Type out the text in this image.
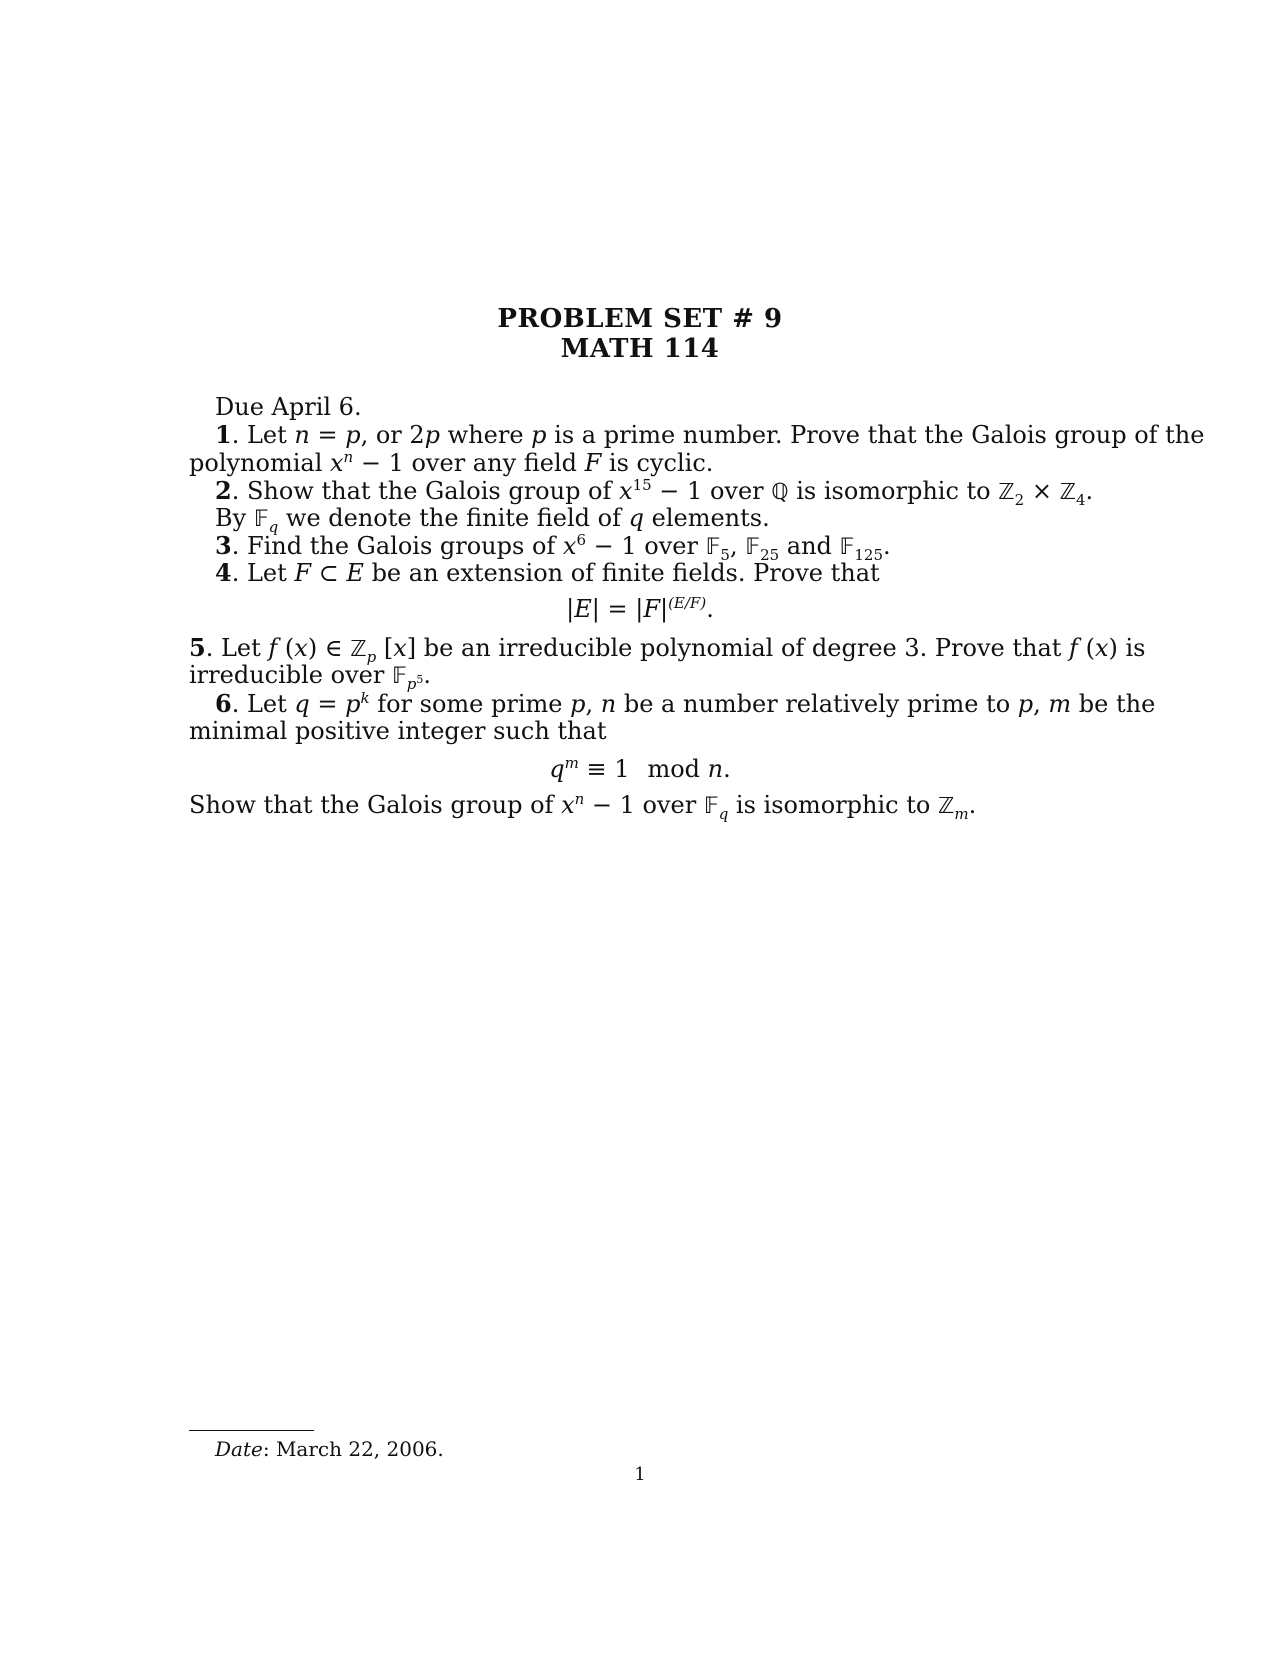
PROBLEM SET # 9
MATH 114
Due April 6.
1. Let n = p, or 2p where p is a prime number. Prove that the Galois group of the
polynomial $x^n - 1$ over any field F is cyclic.
2. Show that the Galois group of $x^{15} - 1$ over ℚ is isomorphic to ℤ$_2$ × ℤ$_4$.
By 𝔽$_q$ we denote the finite field of q elements.
3. Find the Galois groups of $x^6 - 1$ over 𝔽$_5$, 𝔽$_{25}$ and 𝔽$_{125}$.
4. Let F ⊂ E be an extension of finite fields. Prove that
$|E| = |F|^{(E/F)}$.
5. Let f (x) ∈ ℤ$_p$ [x] be an irreducible polynomial of degree 3. Prove that f (x) is
irreducible over 𝔽$_{p^5}$.
6. Let $q = p^k$ for some prime p, n be a number relatively prime to p, m be the
minimal positive integer such that
$q^m \equiv 1$ mod n.
Show that the Galois group of $x^n - 1$ over 𝔽$_q$ is isomorphic to ℤ$_m$.
Date: March 22, 2006.
1
